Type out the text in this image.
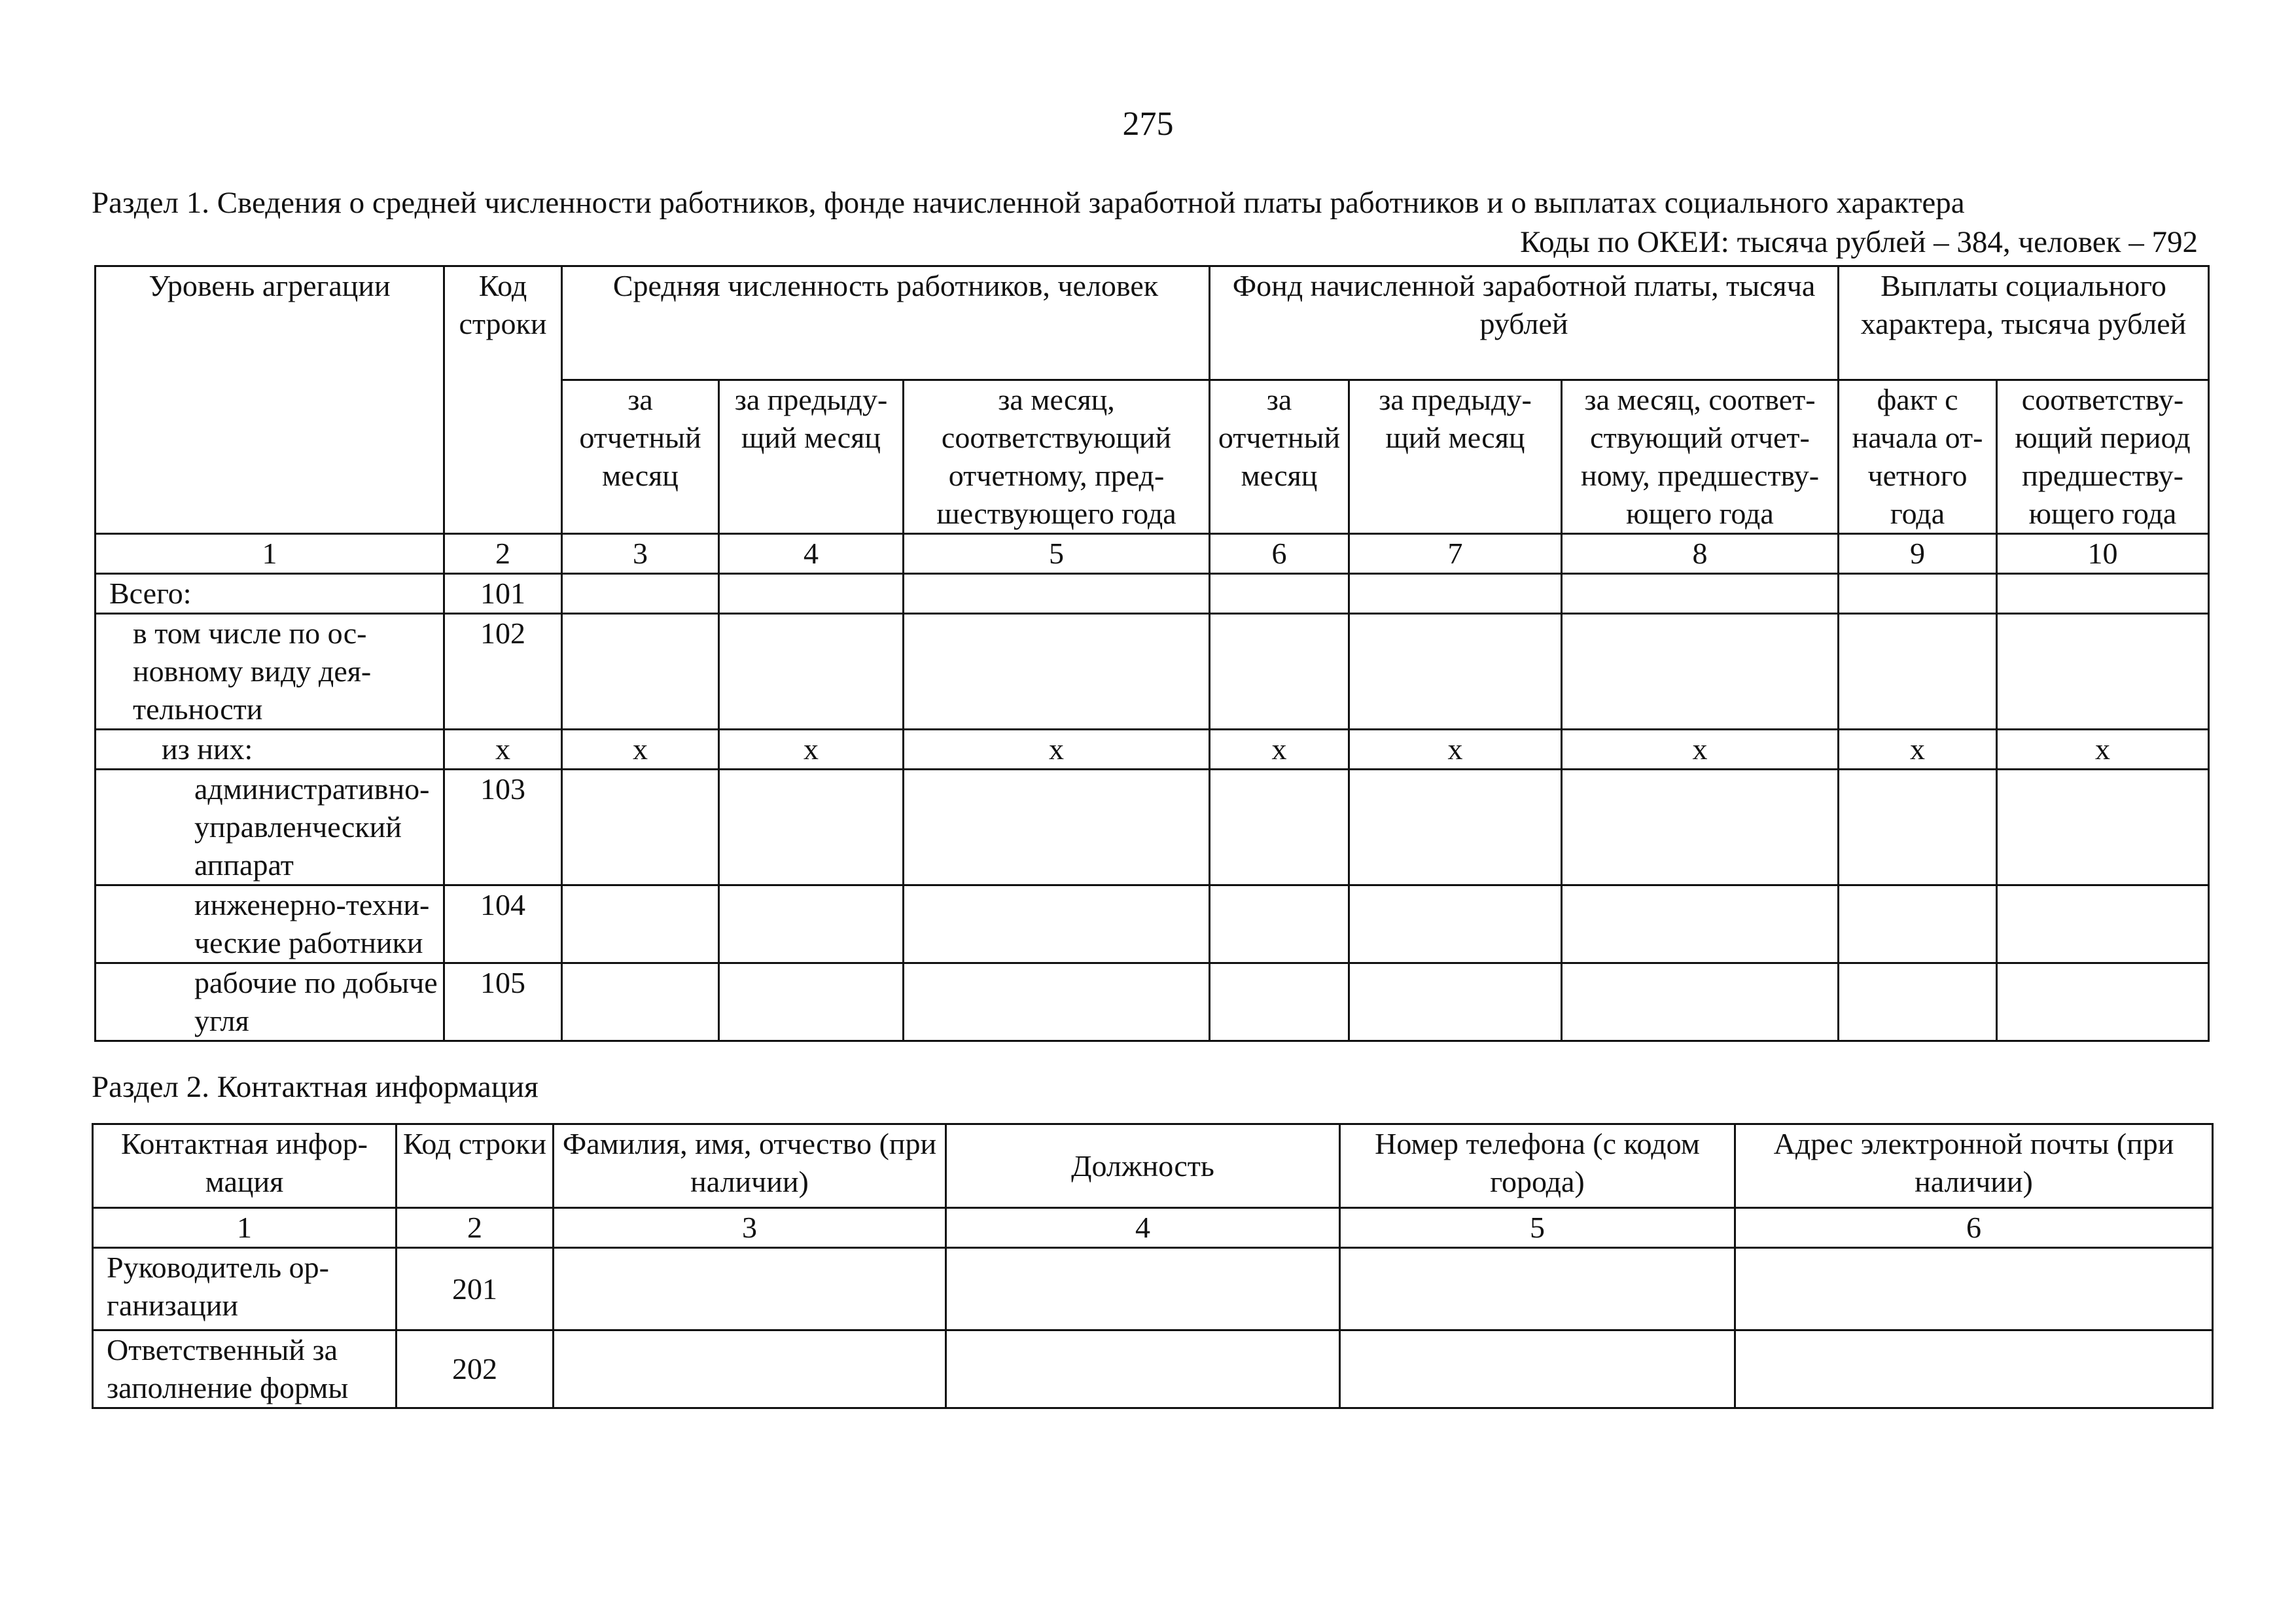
275
Раздел 1. Сведения о средней численности работников, фонде начисленной заработной платы работников и о выплатах социального характера
Коды по ОКЕИ: тысяча рублей – 384, человек – 792
Уровень агрегации	Код строки	Средняя численность работников, человек			Фонд начисленной заработной платы, тысяча рублей			Выплаты социального характера, тысяча рублей	
		за отчетный месяц	за предыду-щий месяц	за месяц, соответствующий отчетному, пред-шествующего года	за отчетный месяц	за предыду-щий месяц	за месяц, соответ-ствующий отчет-ному, предшеству-ющего года	факт с начала от-четного года	соответству-ющий период предшеству-ющего года
1	2	3	4	5	6	7	8	9	10
Всего:	101								
в том числе по ос-новному виду дея-тельности	102								
из них:	x	x	x	x	x	x	x	x	x
административно-управленческий аппарат	103								
инженерно-техни-ческие работники	104								
рабочие по добыче угля	105								
Раздел 2. Контактная информация
Контактная инфор-мация	Код строки	Фамилия, имя, отчество (при наличии)	Должность	Номер телефона (с кодом города)	Адрес электронной почты (при наличии)
1	2	3	4	5	6
Руководитель ор-ганизации	201				
Ответственный за заполнение формы	202				
